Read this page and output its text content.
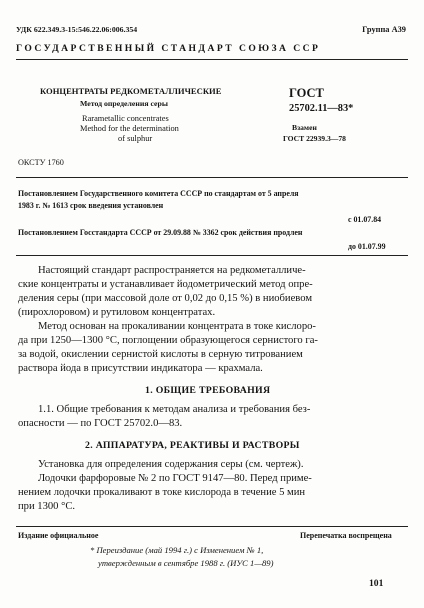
УДК 622.349.3-15:546.22.06:006.354	Группа А39
ГОСУДАРСТВЕННЫЙ СТАНДАРТ СОЮЗА ССР
КОНЦЕНТРАТЫ РЕДКОМЕТАЛЛИЧЕСКИЕ
Метод определения серы
Rarametallic concentrates
Method for the determination
of sulphur
ГОСТ
25702.11—83*
Взамен
ГОСТ 22939.3—78
ОКСТУ 1760
Постановлением Государственного комитета СССР по стандартам от 5 апреля
1983 г. № 1613 срок введения установлен
с 01.07.84
Постановлением Госстандарта СССР от 29.09.88 № 3362 срок действия продлен
до 01.07.99
Настоящий стандарт распространяется на редкометалличе-
ские концентраты и устанавливает йодометрический метод опре-
деления серы (при массовой доле от 0,02 до 0,15 %) в ниобиевом
(пирохлоровом) и рутиловом концентратах.
Метод основан на прокаливании концентрата в токе кислоро-
да при 1250—1300 °С, поглощении образующегося сернистого га-
за водой, окислении сернистой кислоты в серную титрованием
раствора йода в присутствии индикатора — крахмала.
1. ОБЩИЕ ТРЕБОВАНИЯ
1.1. Общие требования к методам анализа и требования без-
опасности — по ГОСТ 25702.0—83.
2. АППАРАТУРА, РЕАКТИВЫ И РАСТВОРЫ
Установка для определения содержания серы (см. чертеж).
Лодочки фарфоровые № 2 по ГОСТ 9147—80. Перед приме-
нением лодочки прокаливают в токе кислорода в течение 5 мин
при 1300 °С.
Издание официальное	Перепечатка воспрещена
* Переиздание (май 1994 г.) с Изменением № 1,
утвержденным в сентябре 1988 г. (ИУС 1—89)
101
